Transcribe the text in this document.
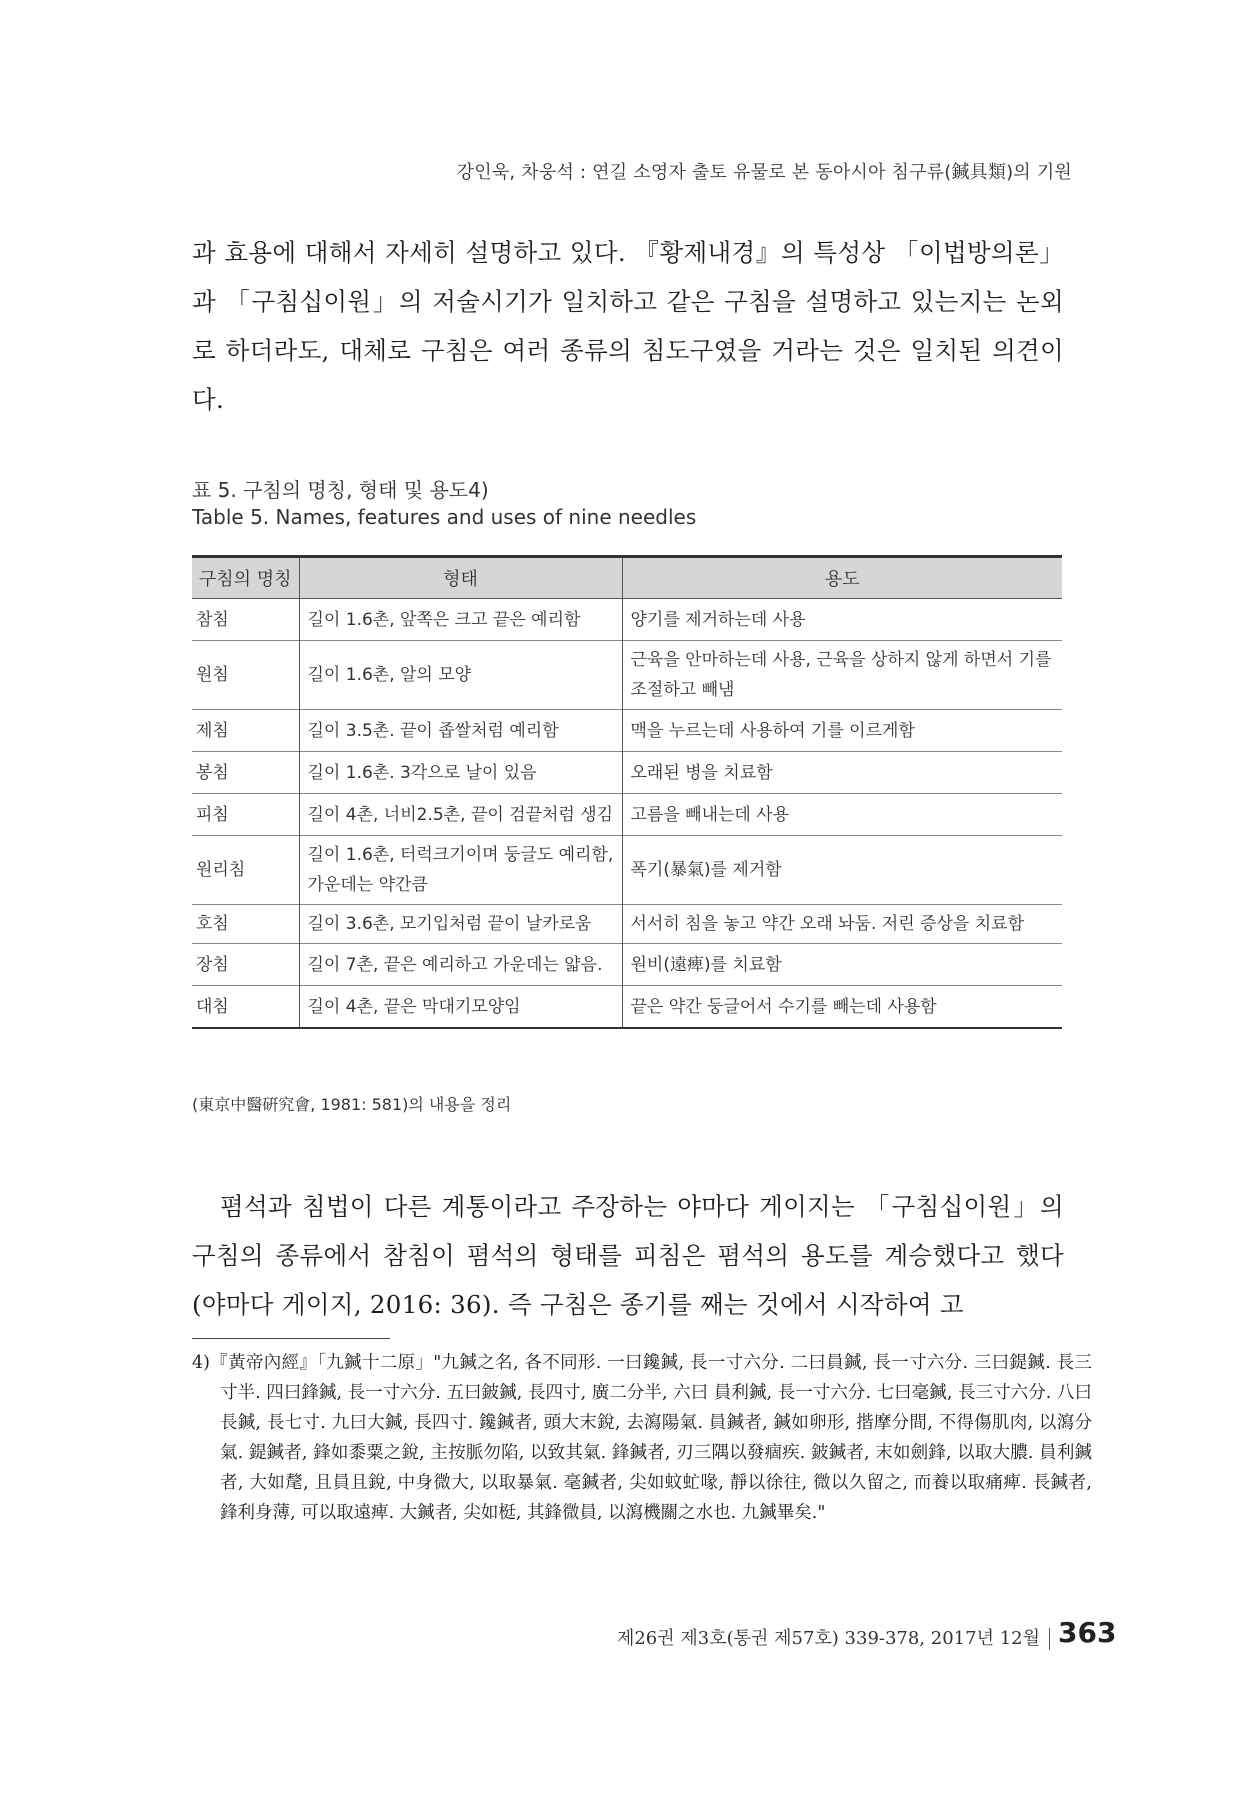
강인욱, 차웅석 : 연길 소영자 출토 유물로 본 동아시아 침구류(鍼具類)의 기원

과 효용에 대해서 자세히 설명하고 있다. 『황제내경』의 특성상 「이법방의론」과 「구침십이원」의 저술시기가 일치하고 같은 구침을 설명하고 있는지는 논외로 하더라도, 대체로 구침은 여러 종류의 침도구였을 거라는 것은 일치된 의견이다.

표 5. 구침의 명칭, 형태 및 용도4)
Table 5. Names, features and uses of nine needles
구침의 명칭	형태	용도
참침	길이 1.6촌, 앞쪽은 크고 끝은 예리함	양기를 제거하는데 사용
원침	길이 1.6촌, 알의 모양	근육을 안마하는데 사용, 근육을 상하지 않게 하면서 기를 조절하고 빼냄
제침	길이 3.5촌. 끝이 좁쌀처럼 예리함	맥을 누르는데 사용하여 기를 이르게함
봉침	길이 1.6촌. 3각으로 날이 있음	오래된 병을 치료함
피침	길이 4촌, 너비2.5촌, 끝이 검끝처럼 생김	고름을 빼내는데 사용
원리침	길이 1.6촌, 터럭크기이며 둥글도 예리함, 가운데는 약간큼	폭기(暴氣)를 제거함
호침	길이 3.6촌, 모기입처럼 끝이 날카로움	서서히 침을 놓고 약간 오래 놔둠. 저린 증상을 치료함
장침	길이 7촌, 끝은 예리하고 가운데는 얇음.	원비(遠痺)를 치료함
대침	길이 4촌, 끝은 막대기모양임	끝은 약간 둥글어서 수기를 빼는데 사용함
(東京中醫硏究會, 1981: 581)의 내용을 정리

폄석과 침법이 다른 계통이라고 주장하는 야마다 게이지는 「구침십이원」의 구침의 종류에서 참침이 폄석의 형태를 피침은 폄석의 용도를 계승했다고 했다(야마다 게이지, 2016: 36). 즉 구침은 종기를 째는 것에서 시작하여 고

4)『黃帝內經』「九鍼十二原」"九鍼之名, 各不同形. 一曰鑱鍼, 長一寸六分. 二曰員鍼, 長一寸六分. 三曰鍉鍼. 長三寸半. 四曰鋒鍼, 長一寸六分. 五曰鈹鍼, 長四寸, 廣二分半, 六曰 員利鍼, 長一寸六分. 七曰毫鍼, 長三寸六分. 八曰長鍼, 長七寸. 九曰大鍼, 長四寸. 鑱鍼者, 頭大末銳, 去瀉陽氣. 員鍼者, 鍼如卵形, 揩摩分間, 不得傷肌肉, 以瀉分氣. 鍉鍼者, 鋒如黍粟之銳, 主按脈勿陷, 以致其氣. 鋒鍼者, 刃三隅以發痼疾. 鈹鍼者, 末如劍鋒, 以取大膿. 員利鍼者, 大如氂, 且員且銳, 中身微大, 以取暴氣. 毫鍼者, 尖如蚊虻喙, 靜以徐往, 微以久留之, 而養以取痛痺. 長鍼者, 鋒利身薄, 可以取遠痺. 大鍼者, 尖如梃, 其鋒微員, 以瀉機關之水也. 九鍼畢矣."

제26권 제3호(통권 제57호) 339-378, 2017년 12월 363
